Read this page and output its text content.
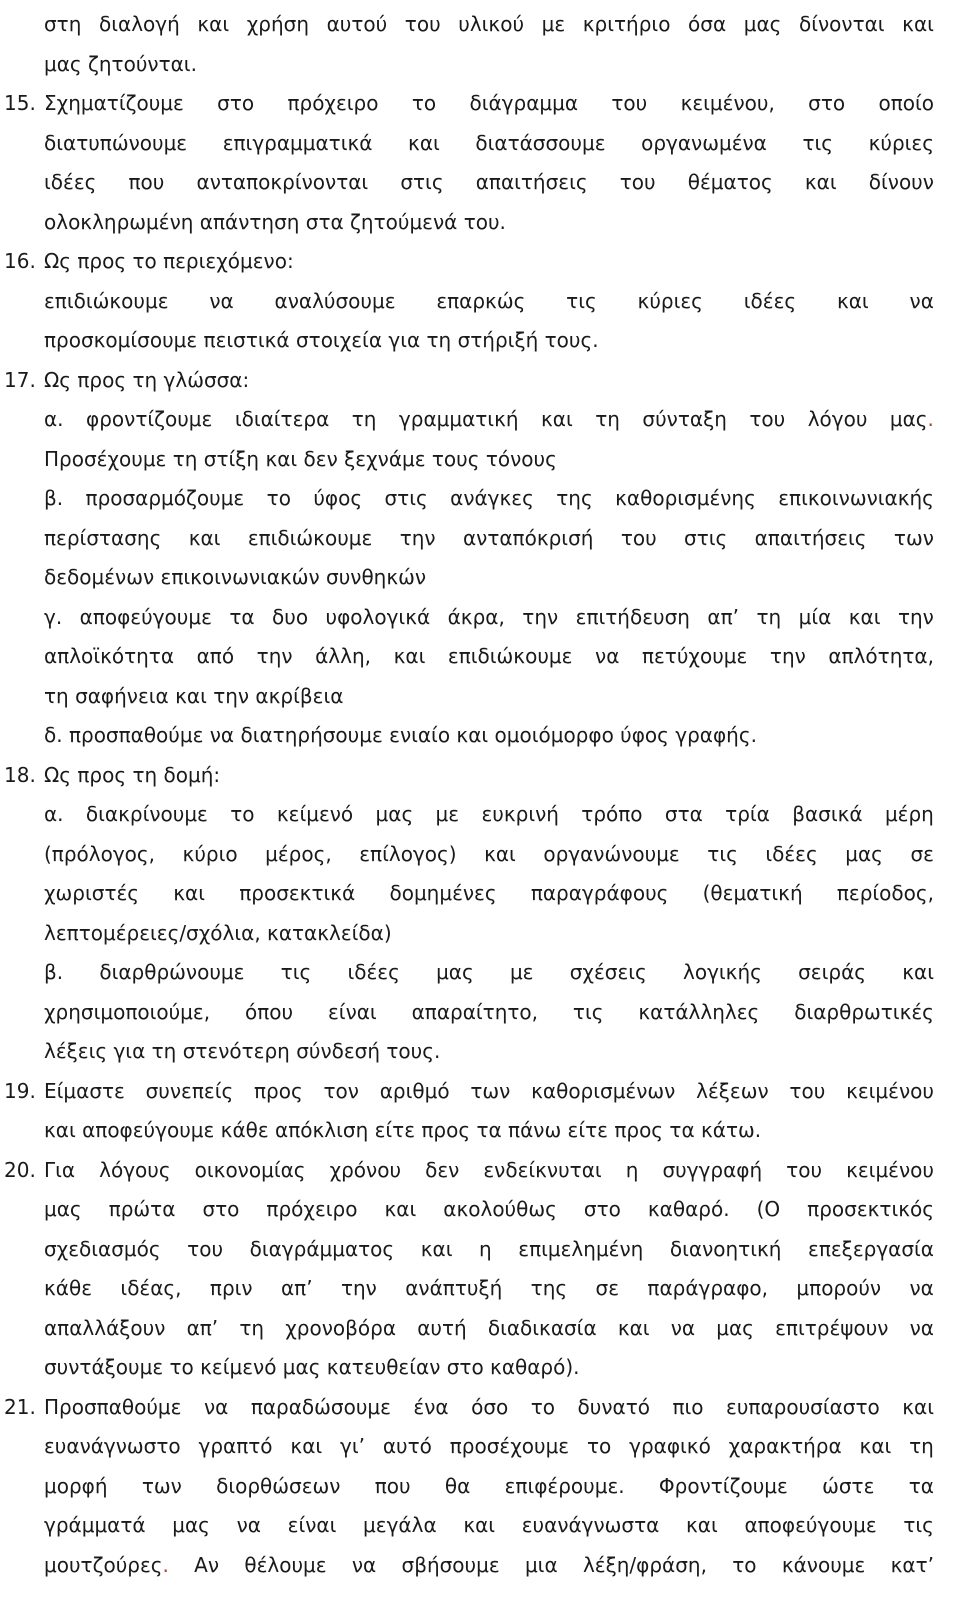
στη διαλογή και χρήση αυτού του υλικού με κριτήριο όσα μας δίνονται και
μας ζητούνται.
15. Σχηματίζουμε στο πρόχειρο το διάγραμμα του κειμένου, στο οποίο
διατυπώνουμε επιγραμματικά και διατάσσουμε οργανωμένα τις κύριες
ιδέες που ανταποκρίνονται στις απαιτήσεις του θέματος και δίνουν
ολοκληρωμένη απάντηση στα ζητούμενά του.
16. Ως προς το περιεχόμενο:
επιδιώκουμε να αναλύσουμε επαρκώς τις κύριες ιδέες και να
προσκομίσουμε πειστικά στοιχεία για τη στήριξή τους.
17. Ως προς τη γλώσσα:
α. φροντίζουμε ιδιαίτερα τη γραμματική και τη σύνταξη του λόγου μας.
Προσέχουμε τη στίξη και δεν ξεχνάμε τους τόνους
β. προσαρμόζουμε το ύφος στις ανάγκες της καθορισμένης επικοινωνιακής
περίστασης και επιδιώκουμε την ανταπόκρισή του στις απαιτήσεις των
δεδομένων επικοινωνιακών συνθηκών
γ. αποφεύγουμε τα δυο υφολογικά άκρα, την επιτήδευση απ’ τη μία και την
απλοϊκότητα από την άλλη, και επιδιώκουμε να πετύχουμε την απλότητα,
τη σαφήνεια και την ακρίβεια
δ. προσπαθούμε να διατηρήσουμε ενιαίο και ομοιόμορφο ύφος γραφής.
18. Ως προς τη δομή:
α. διακρίνουμε το κείμενό μας με ευκρινή τρόπο στα τρία βασικά μέρη
(πρόλογος, κύριο μέρος, επίλογος) και οργανώνουμε τις ιδέες μας σε
χωριστές και προσεκτικά δομημένες παραγράφους (θεματική περίοδος,
λεπτομέρειες/σχόλια, κατακλείδα)
β. διαρθρώνουμε τις ιδέες μας με σχέσεις λογικής σειράς και
χρησιμοποιούμε, όπου είναι απαραίτητο, τις κατάλληλες διαρθρωτικές
λέξεις για τη στενότερη σύνδεσή τους.
19. Είμαστε συνεπείς προς τον αριθμό των καθορισμένων λέξεων του κειμένου
και αποφεύγουμε κάθε απόκλιση είτε προς τα πάνω είτε προς τα κάτω.
20. Για λόγους οικονομίας χρόνου δεν ενδείκνυται η συγγραφή του κειμένου
μας πρώτα στο πρόχειρο και ακολούθως στο καθαρό. (Ο προσεκτικός
σχεδιασμός του διαγράμματος και η επιμελημένη διανοητική επεξεργασία
κάθε ιδέας, πριν απ’ την ανάπτυξή της σε παράγραφο, μπορούν να
απαλλάξουν απ’ τη χρονοβόρα αυτή διαδικασία και να μας επιτρέψουν να
συντάξουμε το κείμενό μας κατευθείαν στο καθαρό).
21. Προσπαθούμε να παραδώσουμε ένα όσο το δυνατό πιο ευπαρουσίαστο και
ευανάγνωστο γραπτό και γι’ αυτό προσέχουμε το γραφικό χαρακτήρα και τη
μορφή των διορθώσεων που θα επιφέρουμε. Φροντίζουμε ώστε τα
γράμματά μας να είναι μεγάλα και ευανάγνωστα και αποφεύγουμε τις
μουτζούρες. Αν θέλουμε να σβήσουμε μια λέξη/φράση, το κάνουμε κατ’
